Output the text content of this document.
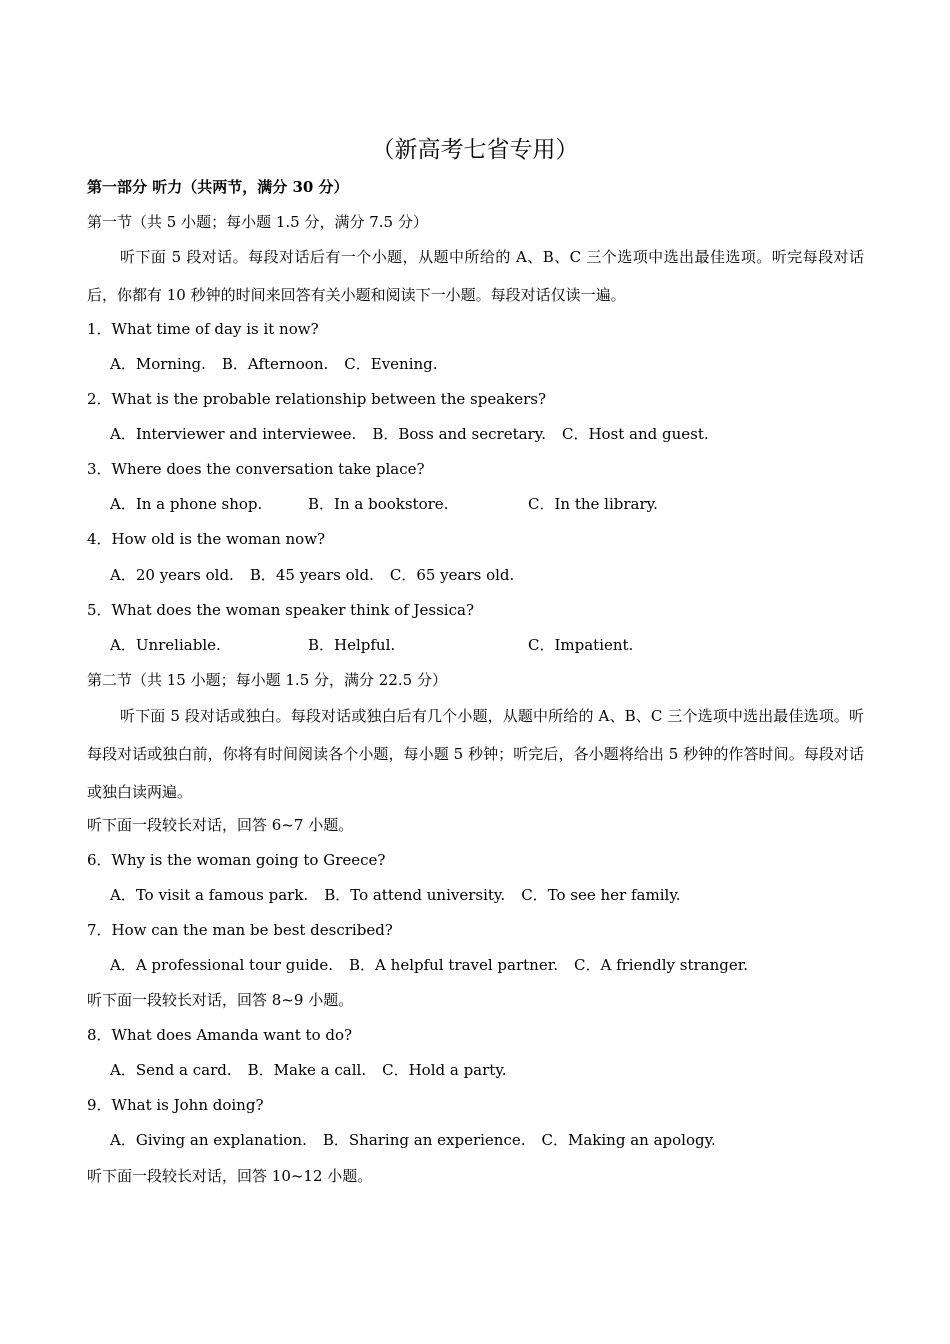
（新高考七省专用）
第一部分 听力（共两节，满分 30 分）
第一节（共 5 小题；每小题 1.5 分，满分 7.5 分）
听下面 5 段对话。每段对话后有一个小题，从题中所给的 A、B、C 三个选项中选出最佳选项。听完每段对话后，你都有 10 秒钟的时间来回答有关小题和阅读下一小题。每段对话仅读一遍。
1．What time of day is it now?
A．Morning. B．Afternoon. C．Evening.
2．What is the probable relationship between the speakers?
A．Interviewer and interviewee. B．Boss and secretary. C．Host and guest.
3．Where does the conversation take place?
A．In a phone shop.	B．In a bookstore.	C．In the library.
4．How old is the woman now?
A．20 years old. B．45 years old. C．65 years old.
5．What does the woman speaker think of Jessica?
A．Unreliable.	B．Helpful.	C．Impatient.
第二节（共 15 小题；每小题 1.5 分，满分 22.5 分）
听下面 5 段对话或独白。每段对话或独白后有几个小题，从题中所给的 A、B、C 三个选项中选出最佳选项。听每段对话或独白前，你将有时间阅读各个小题，每小题 5 秒钟；听完后，各小题将给出 5 秒钟的作答时间。每段对话或独白读两遍。
听下面一段较长对话，回答 6~7 小题。
6．Why is the woman going to Greece?
A．To visit a famous park. B．To attend university. C．To see her family.
7．How can the man be best described?
A．A professional tour guide. B．A helpful travel partner. C．A friendly stranger.
听下面一段较长对话，回答 8~9 小题。
8．What does Amanda want to do?
A．Send a card. B．Make a call. C．Hold a party.
9．What is John doing?
A．Giving an explanation. B．Sharing an experience. C．Making an apology.
听下面一段较长对话，回答 10~12 小题。
